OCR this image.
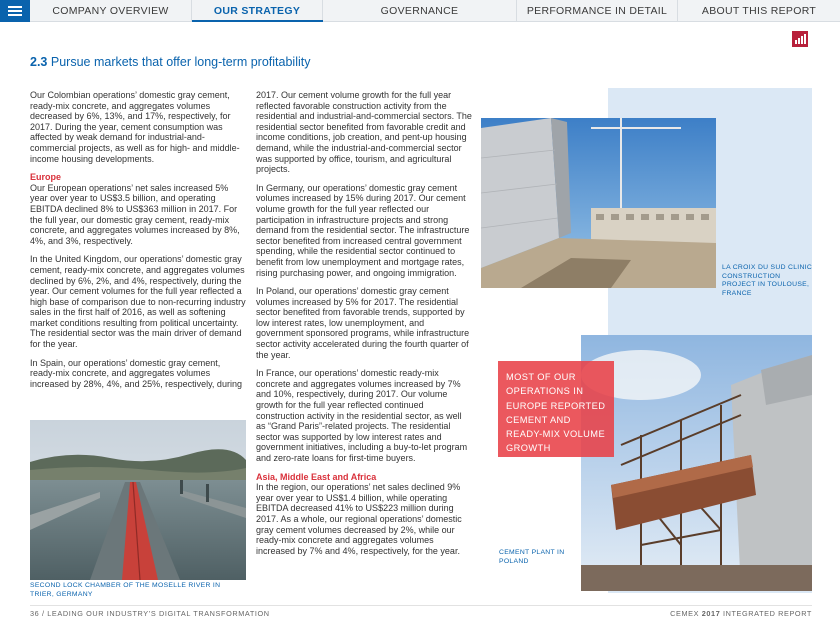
COMPANY OVERVIEW	OUR STRATEGY	GOVERNANCE	PERFORMANCE IN DETAIL	ABOUT THIS REPORT
2.3 Pursue markets that offer long-term profitability

Our Colombian operations’ domestic gray cement, ready-mix concrete, and aggregates volumes decreased by 6%, 13%, and 17%, respectively, for 2017. During the year, cement consumption was affected by weak demand for industrial-and-commercial projects, as well as for high- and middle-income housing developments.

Europe

Our European operations’ net sales increased 5% year over year to US$3.5 billion, and operating EBITDA declined 8% to US$363 million in 2017. For the full year, our domestic gray cement, ready-mix concrete, and aggregates volumes increased by 8%, 4%, and 3%, respectively.

In the United Kingdom, our operations’ domestic gray cement, ready-mix concrete, and aggregates volumes declined by 6%, 2%, and 4%, respectively, during the year. Our cement volumes for the full year reflected a high base of comparison due to non-recurring industry sales in the first half of 2016, as well as softening market conditions resulting from political uncertainty. The residential sector was the main driver of demand for the year.

In Spain, our operations’ domestic gray cement, ready-mix concrete, and aggregates volumes increased by 28%, 4%, and 25%, respectively, during

2017. Our cement volume growth for the full year reflected favorable construction activity from the residential and industrial-and-commercial sectors. The residential sector benefited from favorable credit and income conditions, job creation, and pent-up housing demand, while the industrial-and-commercial sector was supported by office, tourism, and agricultural projects.

In Germany, our operations’ domestic gray cement volumes increased by 15% during 2017. Our cement volume growth for the full year reflected our participation in infrastructure projects and strong demand from the residential sector. The infrastructure sector benefited from increased central government spending, while the residential sector continued to benefit from low unemployment and mortgage rates, rising purchasing power, and ongoing immigration.

In Poland, our operations’ domestic gray cement volumes increased by 5% for 2017. The residential sector benefited from favorable trends, supported by low interest rates, low unemployment, and government sponsored programs, while infrastructure sector activity accelerated during the fourth quarter of the year.

In France, our operations’ domestic ready-mix concrete and aggregates volumes increased by 7% and 10%, respectively, during 2017. Our volume growth for the full year reflected continued construction activity in the residential sector, as well as “Grand Paris”-related projects. The residential sector was supported by low interest rates and government initiatives, including a buy-to-let program and zero-rate loans for first-time buyers.

Asia, Middle East and Africa

In the region, our operations’ net sales declined 9% year over year to US$1.4 billion, while operating EBITDA decreased 41% to US$223 million during 2017. As a whole, our regional operations’ domestic gray cement volumes decreased by 2%, while our ready-mix concrete and aggregates volumes increased by 7% and 4%, respectively, for the year.

SECOND LOCK CHAMBER OF THE MOSELLE RIVER IN TRIER, GERMANY
LA CROIX DU SUD CLINIC CONSTRUCTION PROJECT IN TOULOUSE, FRANCE
CEMENT PLANT IN POLAND
MOST OF OUR OPERATIONS IN EUROPE REPORTED CEMENT AND READY-MIX VOLUME GROWTH
36 / LEADING OUR INDUSTRY’S DIGITAL TRANSFORMATION	CEMEX 2017 INTEGRATED REPORT
